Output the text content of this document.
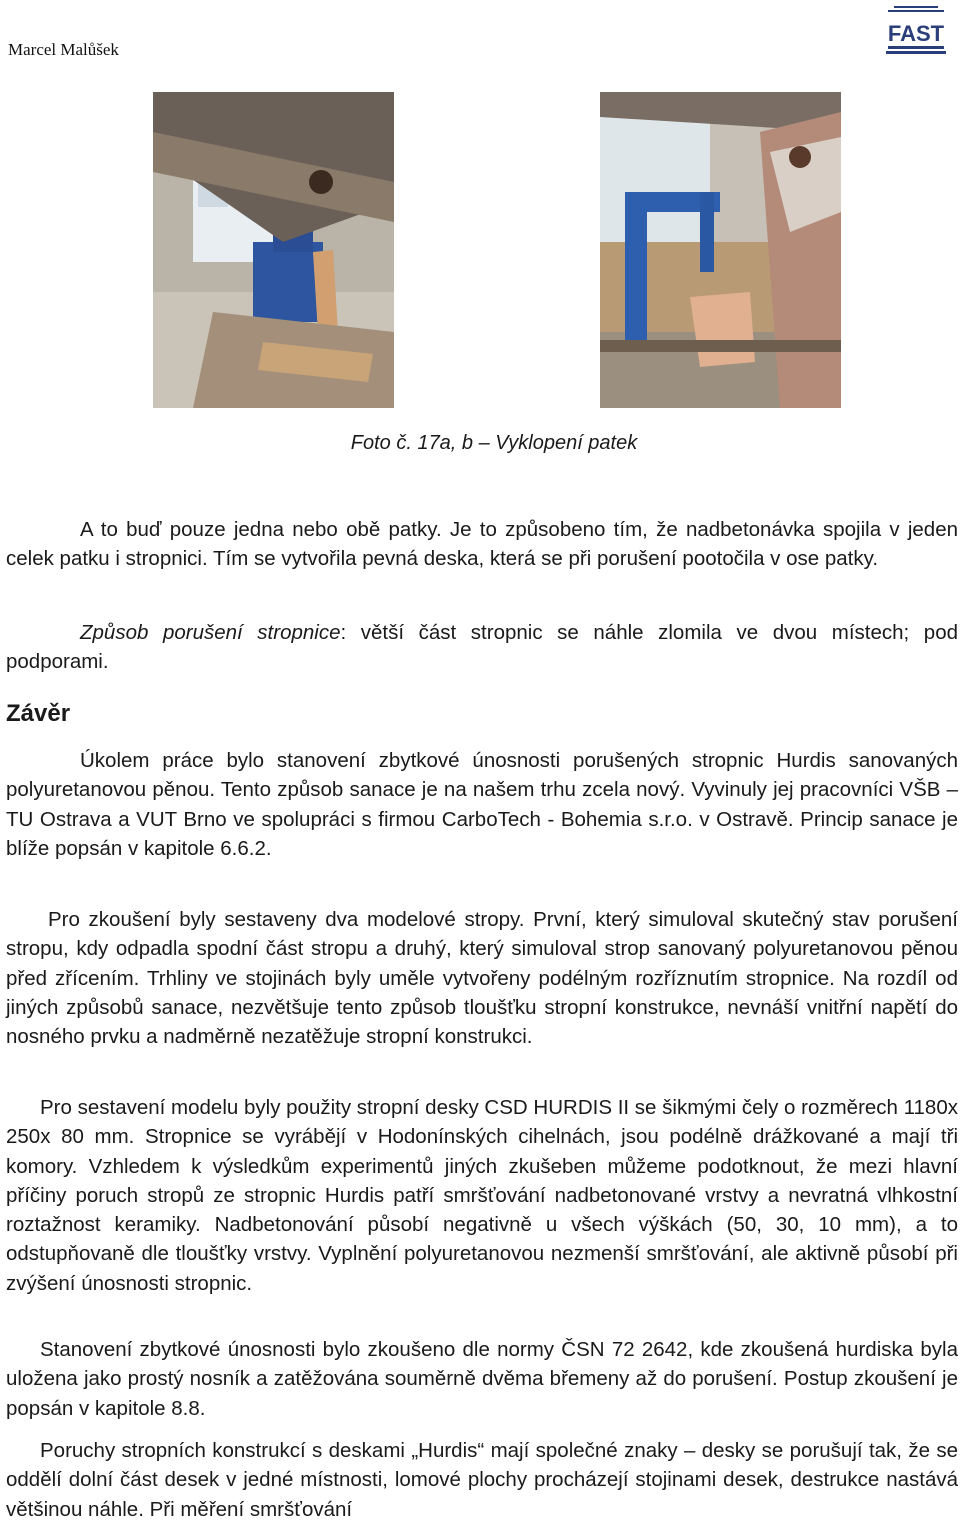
Marcel Malůšek
FAST
Foto č. 17a, b – Vyklopení patek

A to buď pouze jedna nebo obě patky. Je to způsobeno tím, že nadbetonávka spojila v jeden celek patku i stropnici. Tím se vytvořila pevná deska, která se při porušení pootočila v ose patky.

Způsob porušení stropnice: větší část stropnic se náhle zlomila ve dvou místech; pod podporami.

Závěr

Úkolem práce bylo stanovení zbytkové únosnosti porušených stropnic Hurdis sanovaných polyuretanovou pěnou. Tento způsob sanace je na našem trhu zcela nový. Vyvinuly jej pracovníci VŠB – TU Ostrava a VUT Brno ve spolupráci s firmou CarboTech - Bohemia s.r.o. v Ostravě. Princip sanace je blíže popsán v kapitole 6.6.2.

Pro zkoušení byly sestaveny dva modelové stropy. První, který simuloval skutečný stav porušení stropu, kdy odpadla spodní část stropu a druhý, který simuloval strop sanovaný polyuretanovou pěnou před zřícením. Trhliny ve stojinách byly uměle vytvořeny podélným rozříznutím stropnice. Na rozdíl od jiných způsobů sanace, nezvětšuje tento způsob tloušťku stropní konstrukce, nevnáší vnitřní napětí do nosného prvku a nadměrně nezatěžuje stropní konstrukci.

Pro sestavení modelu byly použity stropní desky CSD HURDIS II se šikmými čely o rozměrech 1180x 250x 80 mm. Stropnice se vyrábějí v Hodonínských cihelnách, jsou podélně drážkované a mají tři komory. Vzhledem k výsledkům experimentů jiných zkušeben můžeme podotknout, že mezi hlavní příčiny poruch stropů ze stropnic Hurdis patří smršťování nadbetonované vrstvy a nevratná vlhkostní roztažnost keramiky. Nadbetonování působí negativně u všech výškách (50, 30, 10 mm), a to odstupňovaně dle tloušťky vrstvy. Vyplnění polyuretanovou nezmenší smršťování, ale aktivně působí při zvýšení únosnosti stropnic.

Stanovení zbytkové únosnosti bylo zkoušeno dle normy ČSN 72 2642, kde zkoušená hurdiska byla uložena jako prostý nosník a zatěžována souměrně dvěma břemeny až do porušení. Postup zkoušení je popsán v kapitole 8.8.

Poruchy stropních konstrukcí s deskami „Hurdis“ mají společné znaky – desky se porušují tak, že se oddělí dolní část desek v jedné místnosti, lomové plochy procházejí stojinami desek, destrukce nastává většinou náhle. Při měření smršťování
